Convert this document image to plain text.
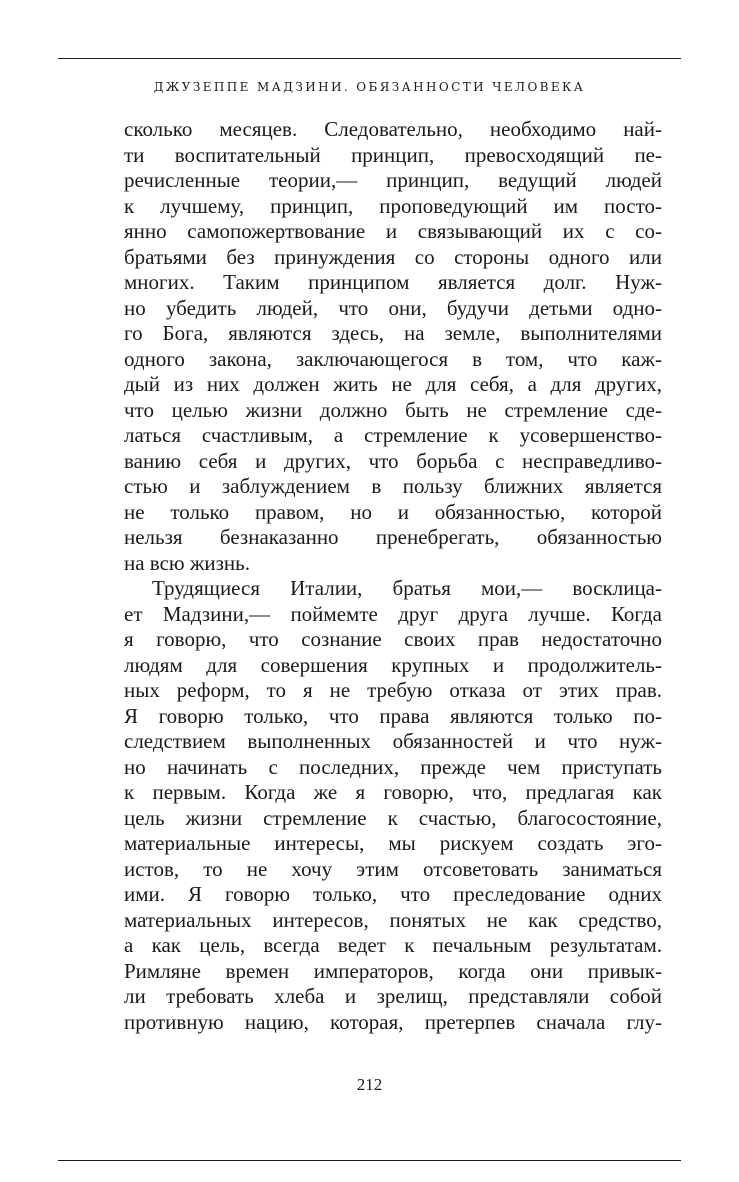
ДЖУЗЕППЕ МАДЗИНИ. ОБЯЗАННОСТИ ЧЕЛОВЕКА
сколько месяцев. Следовательно, необходимо най-
ти воспитательный принцип, превосходящий пе-
речисленные теории,— принцип, ведущий людей
к лучшему, принцип, проповедующий им посто-
янно самопожертвование и связывающий их с со-
братьями без принуждения со стороны одного или
многих. Таким принципом является долг. Нуж-
но убедить людей, что они, будучи детьми одно-
го Бога, являются здесь, на земле, выполнителями
одного закона, заключающегося в том, что каж-
дый из них должен жить не для себя, а для других,
что целью жизни должно быть не стремление сде-
латься счастливым, а стремление к усовершенство-
ванию себя и других, что борьба с несправедливо-
стью и заблуждением в пользу ближних является
не только правом, но и обязанностью, которой
нельзя безнаказанно пренебрегать, обязанностью
на всю жизнь.
Трудящиеся Италии, братья мои,— восклица-
ет Мадзини,— поймемте друг друга лучше. Когда
я говорю, что сознание своих прав недостаточно
людям для совершения крупных и продолжитель-
ных реформ, то я не требую отказа от этих прав.
Я говорю только, что права являются только по-
следствием выполненных обязанностей и что нуж-
но начинать с последних, прежде чем приступать
к первым. Когда же я говорю, что, предлагая как
цель жизни стремление к счастью, благосостояние,
материальные интересы, мы рискуем создать эго-
истов, то не хочу этим отсоветовать заниматься
ими. Я говорю только, что преследование одних
материальных интересов, понятых не как средство,
а как цель, всегда ведет к печальным результатам.
Римляне времен императоров, когда они привык-
ли требовать хлеба и зрелищ, представляли собой
противную нацию, которая, претерпев сначала глу-
212
